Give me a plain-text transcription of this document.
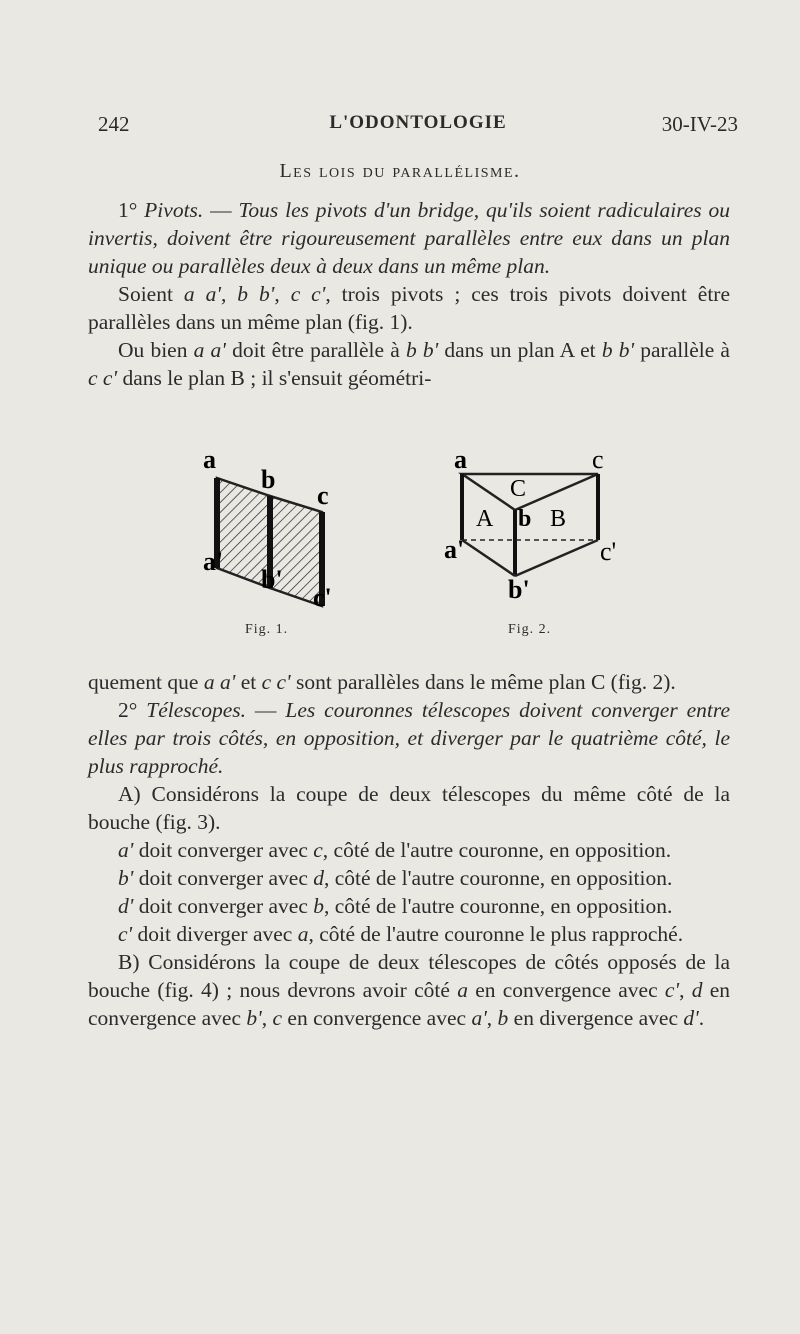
242	L'ODONTOLOGIE	30-IV-23
Les lois du parallélisme.

1° Pivots. — Tous les pivots d'un bridge, qu'ils soient radiculaires ou invertis, doivent être rigoureusement parallèles entre eux dans un plan unique ou parallèles deux à deux dans un même plan.

Soient a a', b b', c c', trois pivots ; ces trois pivots doivent être parallèles dans un même plan (fig. 1).

Ou bien a a' doit être parallèle à b b' dans un plan A et b b' parallèle à c c' dans le plan B ; il s'ensuit géométri-

a
b
c
a'
b'
c'
Fig. 1.
a	c
C
A b B
a'	c'
b'
Fig. 2.

quement que a a' et c c' sont parallèles dans le même plan C (fig. 2).

2° Télescopes. — Les couronnes télescopes doivent converger entre elles par trois côtés, en opposition, et diverger par le quatrième côté, le plus rapproché.

A) Considérons la coupe de deux télescopes du même côté de la bouche (fig. 3).

a' doit converger avec c, côté de l'autre couronne, en opposition.

b' doit converger avec d, côté de l'autre couronne, en opposition.

d' doit converger avec b, côté de l'autre couronne, en opposition.

c' doit diverger avec a, côté de l'autre couronne le plus rapproché.

B) Considérons la coupe de deux télescopes de côtés opposés de la bouche (fig. 4) ; nous devrons avoir côté a en convergence avec c', d en convergence avec b', c en convergence avec a', b en divergence avec d'.
